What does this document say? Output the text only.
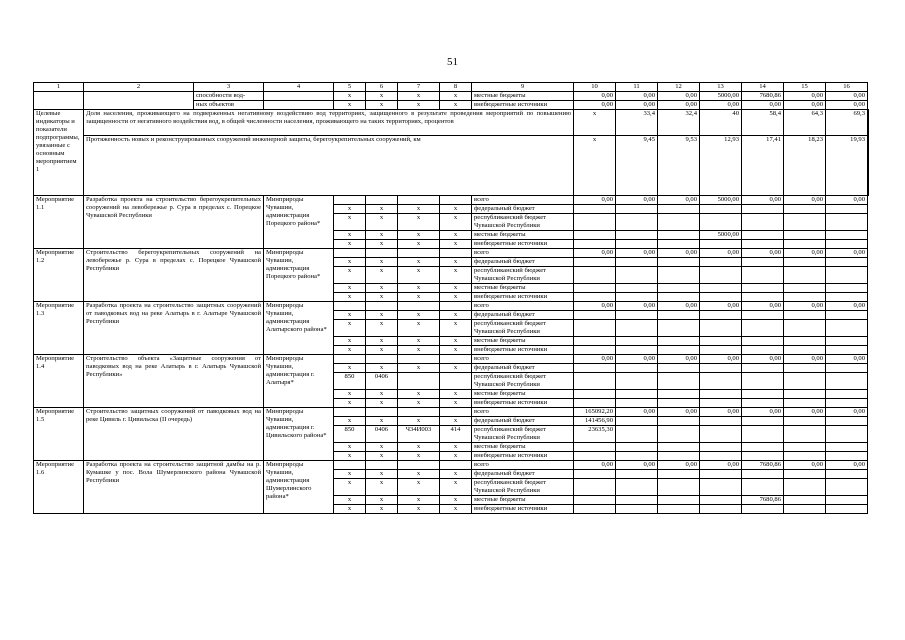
51
1	2	3	4	5	6	7	8	9	10	11	12	13	14	15	16	
		способности вод-		x	x	x	x	местные бюджеты	0,00	0,00	0,00	5000,00	7680,86	0,00	0,00	
		ных объектов		x	x	x	x	внебюджетные источники	0,00	0,00	0,00	0,00	0,00	0,00	0,00	
Целевые индикаторы и показатели подпрограммы, увязанные с основным мероприятием 1	Доля населения, проживающего на подверженных негативному воздействию вод территориях, защищенного в результате проведения мероприятий по повышению защищенности от негативного воздействия вод, в общей численности населения, проживающего на таких территориях, процентов								x	33,4	32,4	40	58,4	64,3	69,3	
	Протяженность новых и реконструированных сооружений инженерной защиты, берегоукрепительных сооружений, км								x	9,45	9,53	12,93	17,41	18,23	19,93	
Мероприятие 1.1	Разработка проекта на строительство берегоукрепительных сооружений на левобережье р. Сура в пределах с. Порецкое Чувашской Республики		Минприроды Чувашии, администрация Порецкого района*					всего	0,00	0,00	0,00	5000,00	0,00	0,00	0,00	
				x	x	x	x	федеральный бюджет								
				x	x	x	x	республиканский бюджет Чувашской Республики								
				x	x	x	x	местные бюджеты				5000,00				
				x	x	x	x	внебюджетные источники								
Мероприятие 1.2	Строительство берегоукрепительных сооружений на левобережье р. Сура в пределах с. Порецкое Чувашской Республики		Минприроды Чувашии, администрация Порецкого района*					всего	0,00	0,00	0,00	0,00	0,00	0,00	0,00	
				x	x	x	x	федеральный бюджет								
				x	x	x	x	республиканский бюджет Чувашской Республики								
				x	x	x	x	местные бюджеты								
				x	x	x	x	внебюджетные источники								
Мероприятие 1.3	Разработка проекта на строительство защитных сооружений от паводковых вод на реке Алатырь в г. Алатыре Чувашской Республики		Минприроды Чувашии, администрация Алатырского района*					всего	0,00	0,00	0,00	0,00	0,00	0,00	0,00	
				x	x	x	x	федеральный бюджет								
				x	x	x	x	республиканский бюджет Чувашской Республики								
				x	x	x	x	местные бюджеты								
				x	x	x	x	внебюджетные источники								
Мероприятие 1.4	Строительство объекта «Защитные сооружения от паводковых вод на реке Алатырь в г. Алатырь Чувашской Республики»		Минприроды Чувашии, администрация г. Алатыря*					всего	0,00	0,00	0,00	0,00	0,00	0,00	0,00	
				x	x	x	x	федеральный бюджет								
				850	0406			республиканский бюджет Чувашской Республики								
				x	x	x	x	местные бюджеты								
				x	x	x	x	внебюджетные источники								
Мероприятие 1.5	Строительство защитных сооружений от паводковых вод на реке Цивиль г. Цивильска (II очередь)		Минприроды Чувашии, администрация г. Цивильского района*					всего	165092,20	0,00	0,00	0,00	0,00	0,00	0,00	
				x	x	x	x	федеральный бюджет	141456,90							
				850	0406	Ч34И003	414	республиканский бюджет Чувашской Республики	23635,30							
				x	x	x	x	местные бюджеты								
				x	x	x	x	внебюджетные источники								
Мероприятие 1.6	Разработка проекта на строительство защитной дамбы на р. Кумашке у пос. Вола Шумерлинского района Чувашской Республики		Минприроды Чувашии, администрация Шумерлинского района*					всего	0,00	0,00	0,00	0,00	7680,86	0,00	0,00	
				x	x	x	x	федеральный бюджет								
				x	x	x	x	республиканский бюджет Чувашской Республики								
				x	x	x	x	местные бюджеты					7680,86			
				x	x	x	x	внебюджетные источники								
